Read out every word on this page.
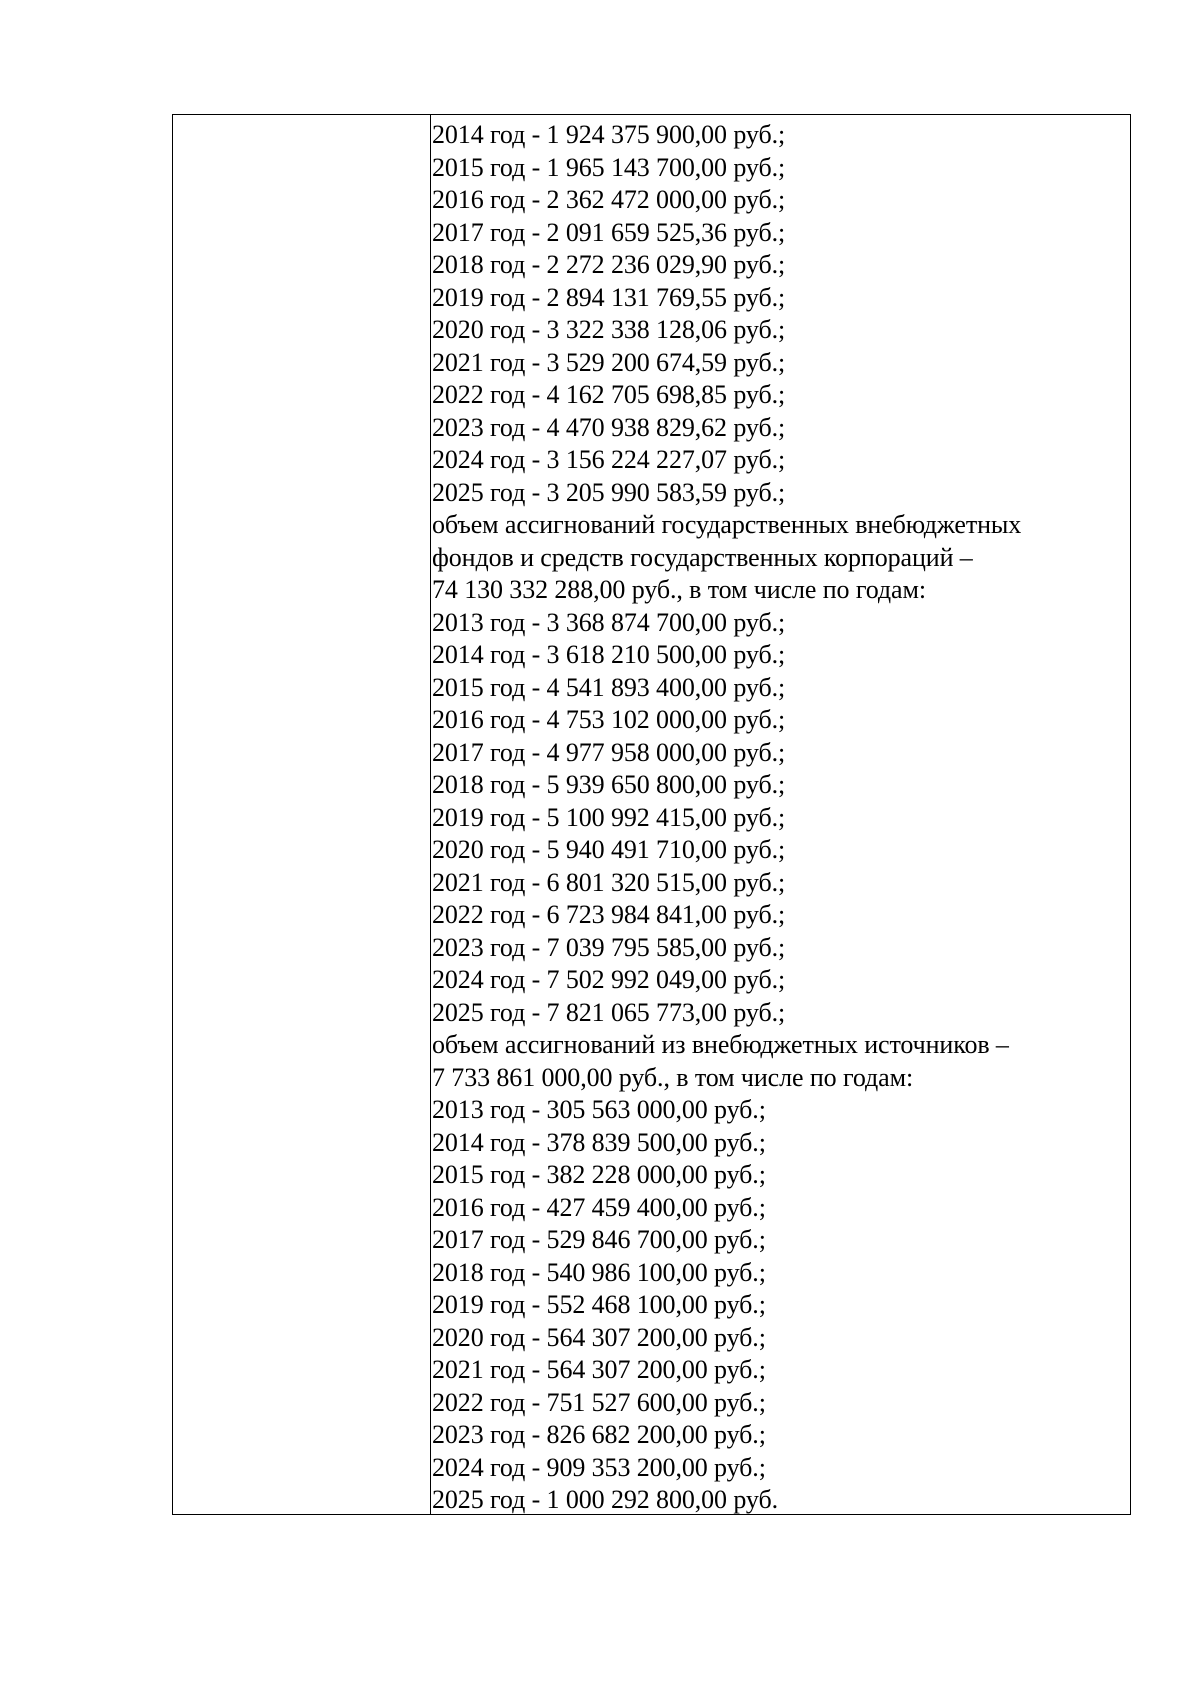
2014 год - 1 924 375 900,00 руб.;
2015 год - 1 965 143 700,00 руб.;
2016 год - 2 362 472 000,00 руб.;
2017 год - 2 091 659 525,36 руб.;
2018 год - 2 272 236 029,90 руб.;
2019 год - 2 894 131 769,55 руб.;
2020 год - 3 322 338 128,06 руб.;
2021 год - 3 529 200 674,59 руб.;
2022 год - 4 162 705 698,85 руб.;
2023 год - 4 470 938 829,62 руб.;
2024 год - 3 156 224 227,07 руб.;
2025 год - 3 205 990 583,59 руб.;
объем ассигнований государственных внебюджетных
фондов и средств государственных корпораций –
74 130 332 288,00 руб., в том числе по годам:
2013 год - 3 368 874 700,00 руб.;
2014 год - 3 618 210 500,00 руб.;
2015 год - 4 541 893 400,00 руб.;
2016 год - 4 753 102 000,00 руб.;
2017 год - 4 977 958 000,00 руб.;
2018 год - 5 939 650 800,00 руб.;
2019 год - 5 100 992 415,00 руб.;
2020 год - 5 940 491 710,00 руб.;
2021 год - 6 801 320 515,00 руб.;
2022 год - 6 723 984 841,00 руб.;
2023 год - 7 039 795 585,00 руб.;
2024 год - 7 502 992 049,00 руб.;
2025 год - 7 821 065 773,00 руб.;
объем ассигнований из внебюджетных источников –
7 733 861 000,00 руб., в том числе по годам:
2013 год - 305 563 000,00 руб.;
2014 год - 378 839 500,00 руб.;
2015 год - 382 228 000,00 руб.;
2016 год - 427 459 400,00 руб.;
2017 год - 529 846 700,00 руб.;
2018 год - 540 986 100,00 руб.;
2019 год - 552 468 100,00 руб.;
2020 год - 564 307 200,00 руб.;
2021 год - 564 307 200,00 руб.;
2022 год - 751 527 600,00 руб.;
2023 год - 826 682 200,00 руб.;
2024 год - 909 353 200,00 руб.;
2025 год - 1 000 292 800,00 руб.
